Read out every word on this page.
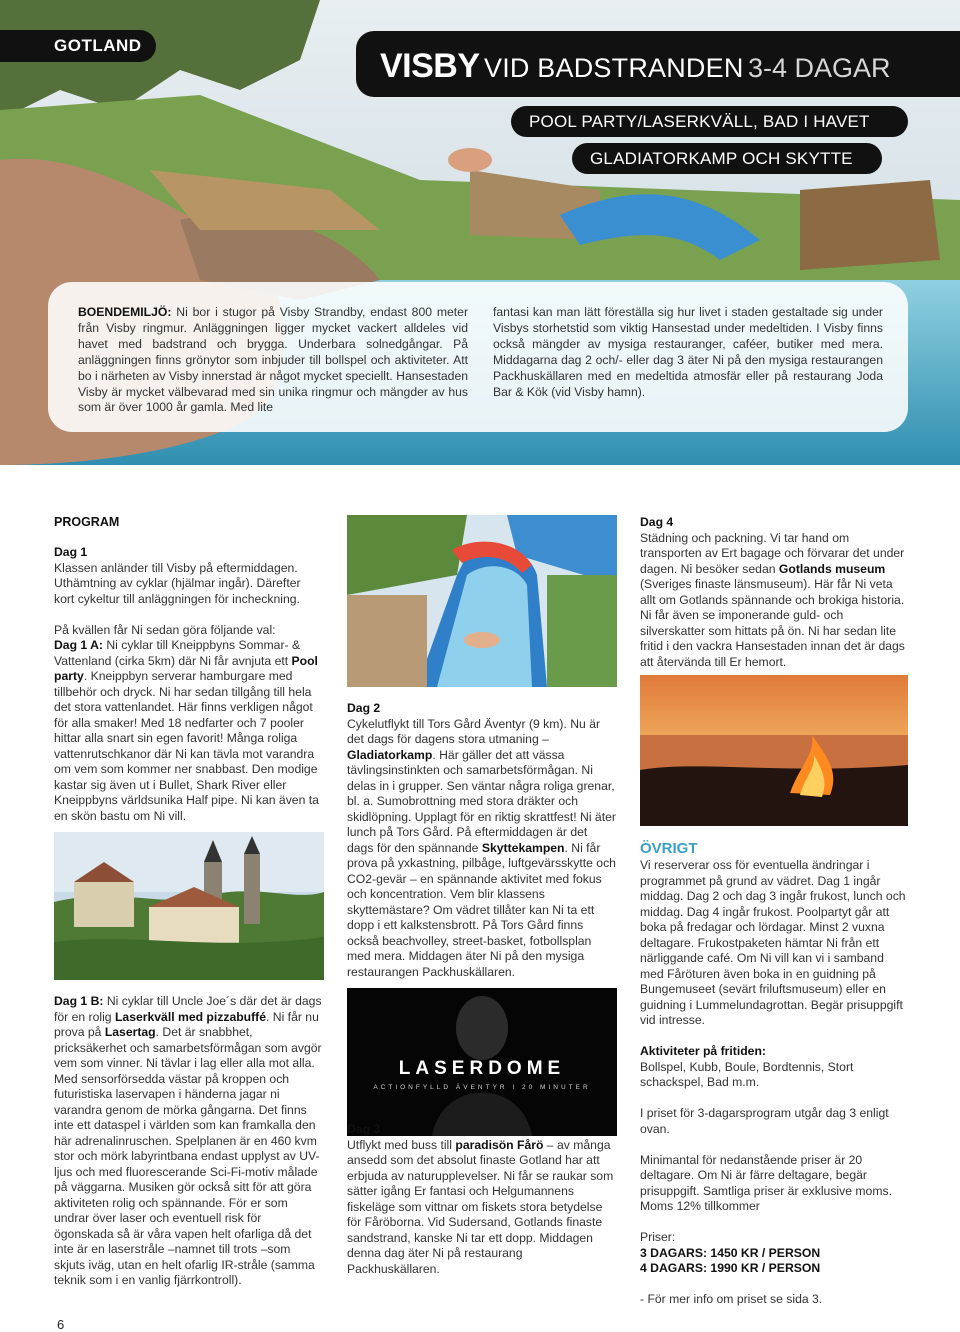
GOTLAND
VISBY VID BADSTRANDEN 3-4 DAGAR
POOL PARTY/LASERKVÄLL, BAD I HAVET
GLADIATORKAMP OCH SKYTTE
BOENDEMILJÖ: Ni bor i stugor på Visby Strandby, endast 800 meter från Visby ringmur. Anläggningen ligger mycket vackert alldeles vid havet med badstrand och brygga. Underbara solnedgångar. På anläggningen finns grönytor som inbjuder till bollspel och aktiviteter. Att bo i närheten av Visby innerstad är något mycket speciellt. Hansestaden Visby är mycket välbevarad med sin unika ringmur och mängder av hus som är över 1000 år gamla. Med lite
fantasi kan man lätt föreställa sig hur livet i staden gestaltade sig under Visbys storhetstid som viktig Hansestad under medeltiden. I Visby finns också mängder av mysiga restauranger, caféer, butiker med mera. Middagarna dag 2 och/- eller dag 3 äter Ni på den mysiga restaurangen Packhuskällaren med en medeltida atmosfär eller på restaurang Joda Bar & Kök (vid Visby hamn).
PROGRAM

Dag 1
Klassen anländer till Visby på eftermiddagen. Uthämtning av cyklar (hjälmar ingår). Därefter kort cykeltur till anläggningen för incheckning.

På kvällen får Ni sedan göra följande val:
Dag 1 A: Ni cyklar till Kneippbyns Sommar- & Vattenland (cirka 5km) där Ni får avnjuta ett Pool party. Kneippbyn serverar hamburgare med tillbehör och dryck. Ni har sedan tillgång till hela det stora vattenlandet. Här finns verkligen något för alla smaker! Med 18 nedfarter och 7 pooler hittar alla snart sin egen favorit! Många roliga vattenrutschkanor där Ni kan tävla mot varandra om vem som kommer ner snabbast. Den modige kastar sig även ut i Bullet, Shark River eller Kneippbyns världsunika Half pipe. Ni kan även ta en skön bastu om Ni vill.

Dag 1 B: Ni cyklar till Uncle Joe´s där det är dags för en rolig Laserkväll med pizzabuffé. Ni får nu prova på Lasertag. Det är snabbhet, pricksäkerhet och samarbetsförmågan som avgör vem som vinner. Ni tävlar i lag eller alla mot alla. Med sensorförsedda västar på kroppen och futuristiska laservapen i händerna jagar ni varandra genom de mörka gångarna. Det finns inte ett dataspel i världen som kan framkalla den här adrenalinruschen. Spelplanen är en 460 kvm stor och mörk labyrintbana endast upplyst av UV-ljus och med fluorescerande Sci-Fi-motiv målade på väggarna. Musiken gör också sitt för att göra aktiviteten rolig och spännande. För er som undrar över laser och eventuell risk för ögonskada så är våra vapen helt ofarliga då det inte är en laserstråle –namnet till trots –som skjuts iväg, utan en helt ofarlig IR-stråle (samma teknik som i en vanlig fjärrkontroll).

Dag 2
Cykelutflykt till Tors Gård Äventyr (9 km). Nu är det dags för dagens stora utmaning – Gladiatorkamp. Här gäller det att vässa tävlingsinstinkten och samarbetsförmågan. Ni delas in i grupper. Sen väntar några roliga grenar, bl. a. Sumobrottning med stora dräkter och skidlöpning. Upplagt för en riktig skrattfest! Ni äter lunch på Tors Gård. På eftermiddagen är det dags för den spännande Skyttekampen. Ni får prova på yxkastning, pilbåge, luftgevärsskytte och CO2-gevär – en spännande aktivitet med fokus och koncentration. Vem blir klassens skyttemästare? Om vädret tillåter kan Ni ta ett dopp i ett kalkstensbrott. På Tors Gård finns också beachvolley, street-basket, fotbollsplan med mera. Middagen äter Ni på den mysiga restaurangen Packhuskällaren.

LASERDOME
ACTIONFYLLD ÄVENTYR I 20 MINUTER

Dag 3
Utflykt med buss till paradisön Fårö – av många ansedd som det absolut finaste Gotland har att erbjuda av naturupplevelser. Ni får se raukar som sätter igång Er fantasi och Helgumannens fiskeläge som vittnar om fiskets stora betydelse för Fåröborna. Vid Sudersand, Gotlands finaste sandstrand, kanske Ni tar ett dopp. Middagen denna dag äter Ni på restaurang Packhuskällaren.

Dag 4
Städning och packning. Vi tar hand om transporten av Ert bagage och förvarar det under dagen. Ni besöker sedan Gotlands museum (Sveriges finaste länsmuseum). Här får Ni veta allt om Gotlands spännande och brokiga historia. Ni får även se imponerande guld- och silverskatter som hittats på ön. Ni har sedan lite fritid i den vackra Hansestaden innan det är dags att återvända till Er hemort.

ÖVRIGT

Vi reserverar oss för eventuella ändringar i programmet på grund av vädret. Dag 1 ingår middag. Dag 2 och dag 3 ingår frukost, lunch och middag. Dag 4 ingår frukost. Poolpartyt går att boka på fredagar och lördagar. Minst 2 vuxna deltagare. Frukostpaketen hämtar Ni från ett närliggande café. Om Ni vill kan vi i samband med Fåröturen även boka in en guidning på Bungemuseet (sevärt friluftsmuseum) eller en guidning i Lummelundagrottan. Begär prisuppgift vid intresse.

Aktiviteter på fritiden:
Bollspel, Kubb, Boule, Bordtennis, Stort schackspel, Bad m.m.

I priset för 3-dagarsprogram utgår dag 3 enligt ovan.

Minimantal för nedanstående priser är 20 deltagare. Om Ni är färre deltagare, begär prisuppgift. Samtliga priser är exklusive moms. Moms 12% tillkommer

Priser:
3 DAGARS: 1450 KR / PERSON
4 DAGARS: 1990 KR / PERSON

- För mer info om priset se sida 3.

6
